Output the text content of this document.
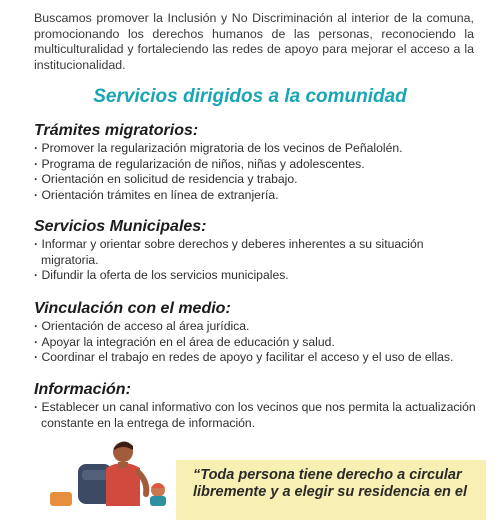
Buscamos promover la Inclusión y No Discriminación al interior de la comuna, promocionando los derechos humanos de las personas, reconociendo la multiculturalidad y fortaleciendo las redes de apoyo para mejorar el acceso a la institucionalidad.

Servicios dirigidos a la comunidad
Trámites migratorios:
· Promover la regularización migratoria de los vecinos de Peñalolén.
· Programa de regularización de niños, niñas y adolescentes.
· Orientación en solicitud de residencia y trabajo.
· Orientación trámites en línea de extranjería.
Servicios Municipales:
· Informar y orientar sobre derechos y deberes inherentes a su situación migratoria.
· Difundir la oferta de los servicios municipales.
Vinculación con el medio:
· Orientación de acceso al área jurídica.
· Apoyar la integración en el área de educación y salud.
· Coordinar el trabajo en redes de apoyo y facilitar el acceso y el uso de ellas.
Información:
· Establecer un canal informativo con los vecinos que nos permita la actualización constante en la entrega de información.

“Toda persona tiene derecho a circular
libremente y a elegir su residencia en el
